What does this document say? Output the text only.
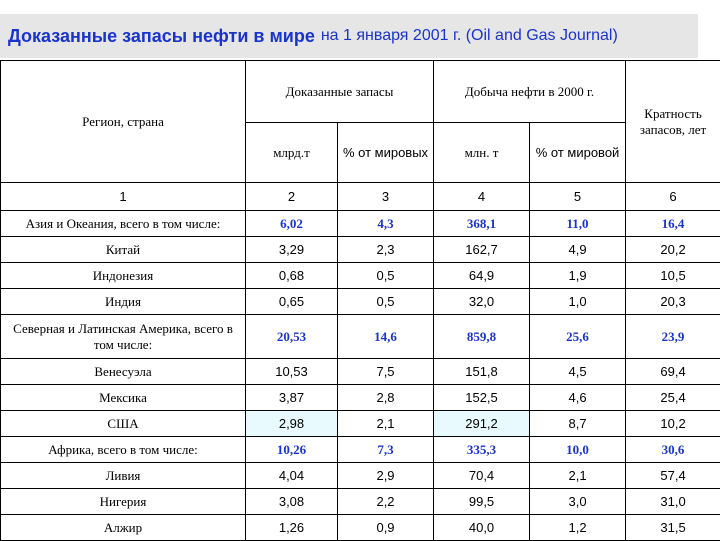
Доказанные запасы нефти в мире на 1 января 2001 г. (Oil and Gas Journal)
Регион, страна	Доказанные запасы		Добыча нефти в 2000 г.		Кратность запасов, лет
	млрд.т	% от мировых	млн. т	% от мировой	
1	2	3	4	5	6
Азия и Океания, всего в том числе:	6,02	4,3	368,1	11,0	16,4
Китай	3,29	2,3	162,7	4,9	20,2
Индонезия	0,68	0,5	64,9	1,9	10,5
Индия	0,65	0,5	32,0	1,0	20,3
Северная и Латинская Америка, всего в том числе:	20,53	14,6	859,8	25,6	23,9
Венесуэла	10,53	7,5	151,8	4,5	69,4
Мексика	3,87	2,8	152,5	4,6	25,4
США	2,98	2,1	291,2	8,7	10,2
Африка, всего в том числе:	10,26	7,3	335,3	10,0	30,6
Ливия	4,04	2,9	70,4	2,1	57,4
Нигерия	3,08	2,2	99,5	3,0	31,0
Алжир	1,26	0,9	40,0	1,2	31,5
